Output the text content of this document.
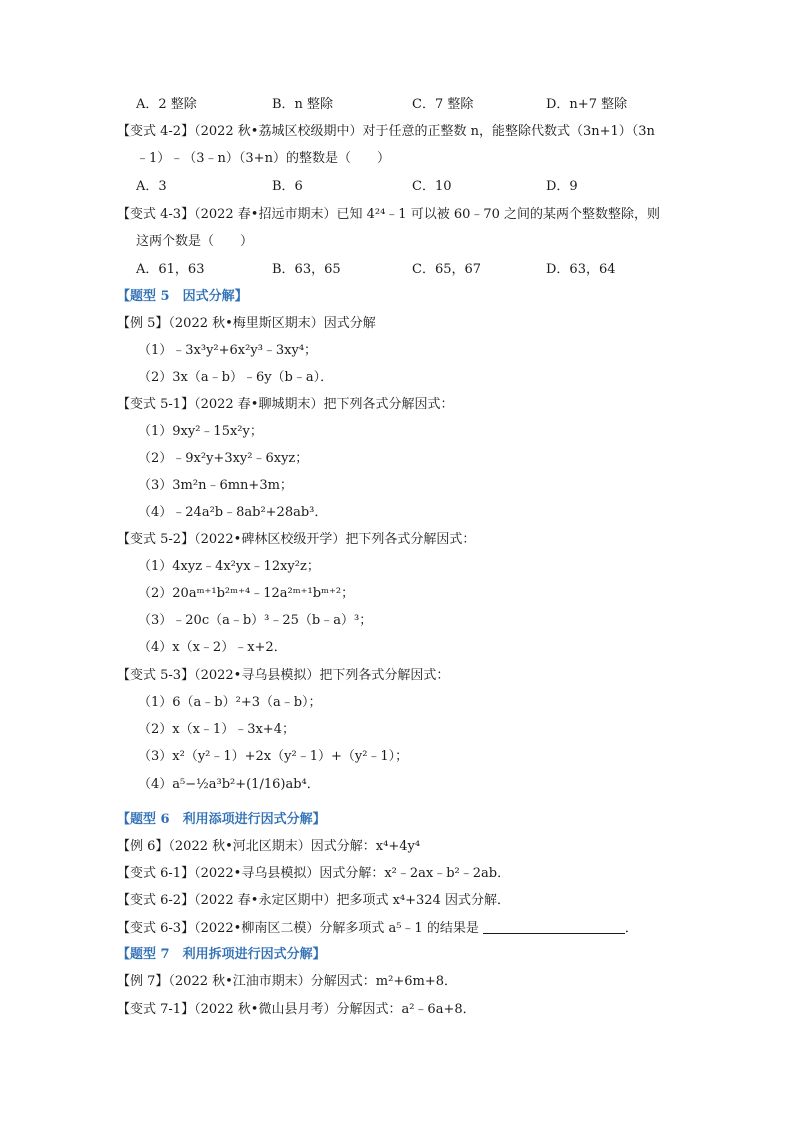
A．2 整除	B．n 整除	C．7 整除	D．n+7 整除
【变式 4-2】（2022 秋•荔城区校级期中）对于任意的正整数 n，能整除代数式（3n+1）（3n
﹣1）﹣（3﹣n）（3+n）的整数是（　　）
A．3	B．6	C．10	D．9
【变式 4-3】（2022 春•招远市期末）已知 4²⁴﹣1 可以被 60﹣70 之间的某两个整数整除，则
这两个数是（　　）
A．61，63	B．63，65	C．65，67	D．63，64
【题型 5　因式分解】
【例 5】（2022 秋•梅里斯区期末）因式分解
（1）﹣3x³y²+6x²y³﹣3xy⁴；
（2）3x（a﹣b）﹣6y（b﹣a）．
【变式 5-1】（2022 春•聊城期末）把下列各式分解因式：
（1）9xy²﹣15x²y；
（2）﹣9x²y+3xy²﹣6xyz；
（3）3m²n﹣6mn+3m；
（4）﹣24a²b﹣8ab²+28ab³．
【变式 5-2】（2022•碑林区校级开学）把下列各式分解因式：
（1）4xyz﹣4x²yx﹣12xy²z；
（2）20aᵐ⁺¹b²ᵐ⁺⁴﹣12a²ᵐ⁺¹bᵐ⁺²；
（3）﹣20c（a﹣b）³﹣25（b﹣a）³；
（4）x（x﹣2）﹣x+2．
【变式 5-3】（2022•寻乌县模拟）把下列各式分解因式：
（1）6（a﹣b）²+3（a﹣b）；
（2）x（x﹣1）﹣3x+4；
（3）x²（y²﹣1）+2x（y²﹣1）+（y²﹣1）；
（4）a⁵−½a³b²+(1/16)ab⁴．
【题型 6　利用添项进行因式分解】
【例 6】（2022 秋•河北区期末）因式分解：x⁴+4y⁴
【变式 6-1】（2022•寻乌县模拟）因式分解：x²﹣2ax﹣b²﹣2ab．
【变式 6-2】（2022 春•永定区期中）把多项式 x⁴+324 因式分解．
【变式 6-3】（2022•柳南区二模）分解多项式 a⁵﹣1 的结果是	．
【题型 7　利用拆项进行因式分解】
【例 7】（2022 秋•江油市期末）分解因式：m²+6m+8．
【变式 7-1】（2022 秋•微山县月考）分解因式：a²﹣6a+8．
